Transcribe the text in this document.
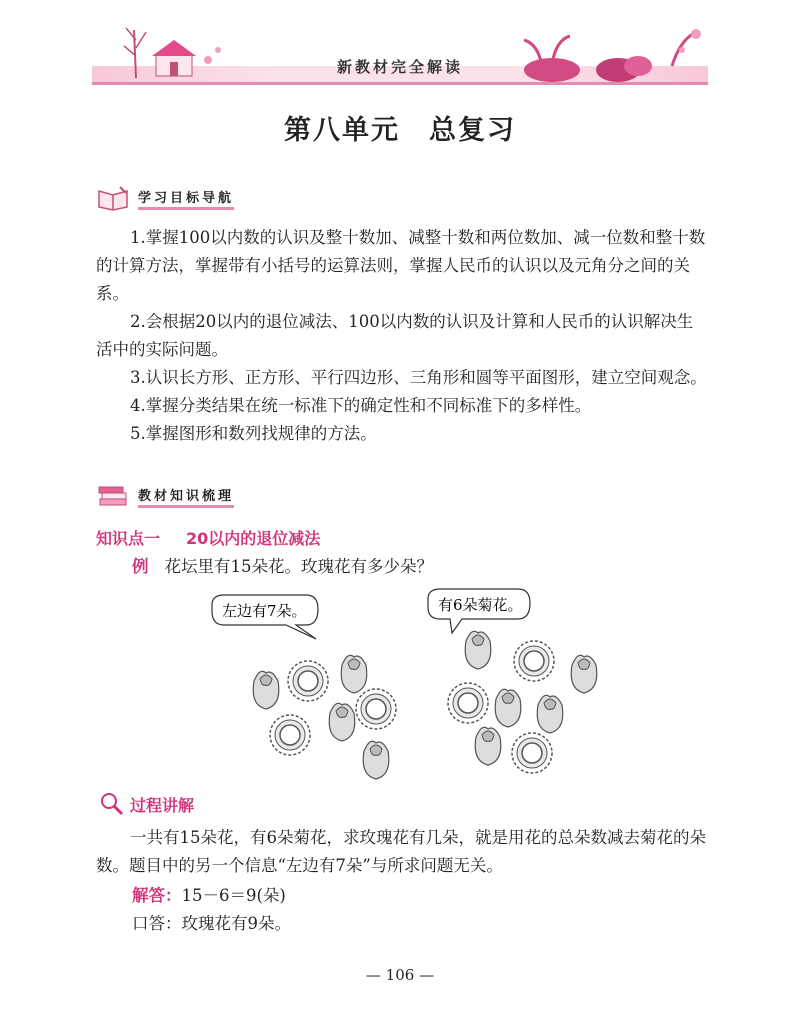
新教材完全解读
第八单元　总复习
学习目标导航

1.掌握100以内数的认识及整十数加、减整十数和两位数加、减一位数和整十数的计算方法，掌握带有小括号的运算法则，掌握人民币的认识以及元角分之间的关系。

2.会根据20以内的退位减法、100以内数的认识及计算和人民币的认识解决生活中的实际问题。

3.认识长方形、正方形、平行四边形、三角形和圆等平面图形，建立空间观念。

4.掌握分类结果在统一标准下的确定性和不同标准下的多样性。

5.掌握图形和数列找规律的方法。

教材知识梳理
知识点一 20以内的退位减法
例 花坛里有15朵花。玫瑰花有多少朵？
左边有7朵。	有6朵菊花。
过程讲解

一共有15朵花，有6朵菊花，求玫瑰花有几朵，就是用花的总朵数减去菊花的朵数。题目中的另一个信息“左边有7朵”与所求问题无关。

解答：15－6＝9(朵)
口答：玫瑰花有9朵。
— 106 —
